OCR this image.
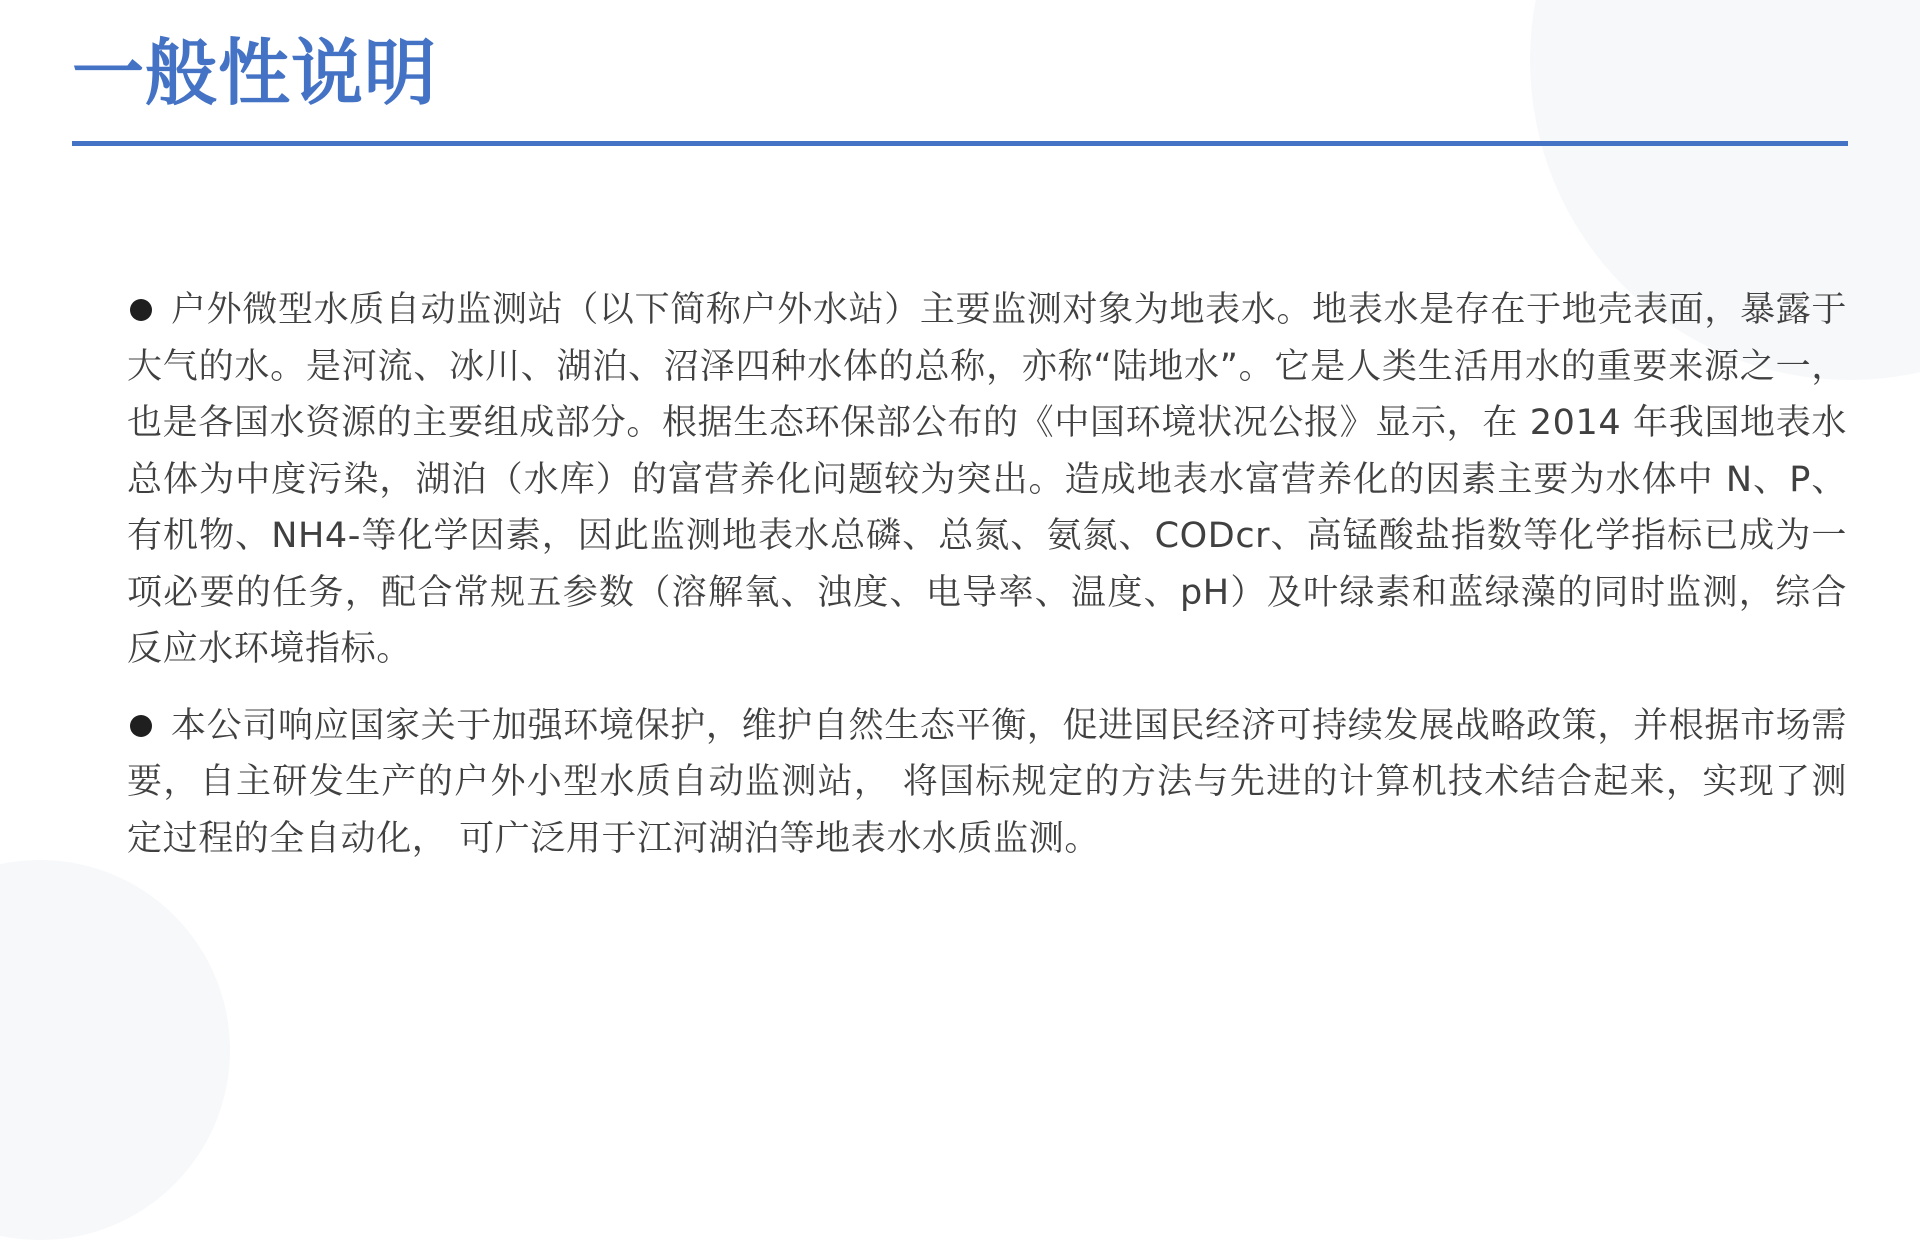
一般性说明

户外微型水质自动监测站（以下简称户外水站）主要监测对象为地表水。地表水是存在于地壳表面，暴露于大气的水。是河流、冰川、湖泊、沼泽四种水体的总称，亦称“陆地水”。它是人类生活用水的重要来源之一，也是各国水资源的主要组成部分。根据生态环保部公布的《中国环境状况公报》显示，在 2014 年我国地表水总体为中度污染，湖泊（水库）的富营养化问题较为突出。造成地表水富营养化的因素主要为水体中 N、P、有机物、NH4-等化学因素，因此监测地表水总磷、总氮、氨氮、CODcr、高锰酸盐指数等化学指标已成为一项必要的任务，配合常规五参数（溶解氧、浊度、电导率、温度、pH）及叶绿素和蓝绿藻的同时监测，综合反应水环境指标。

本公司响应国家关于加强环境保护，维护自然生态平衡，促进国民经济可持续发展战略政策，并根据市场需要，自主研发生产的户外小型水质自动监测站， 将国标规定的方法与先进的计算机技术结合起来，实现了测定过程的全自动化， 可广泛用于江河湖泊等地表水水质监测。
